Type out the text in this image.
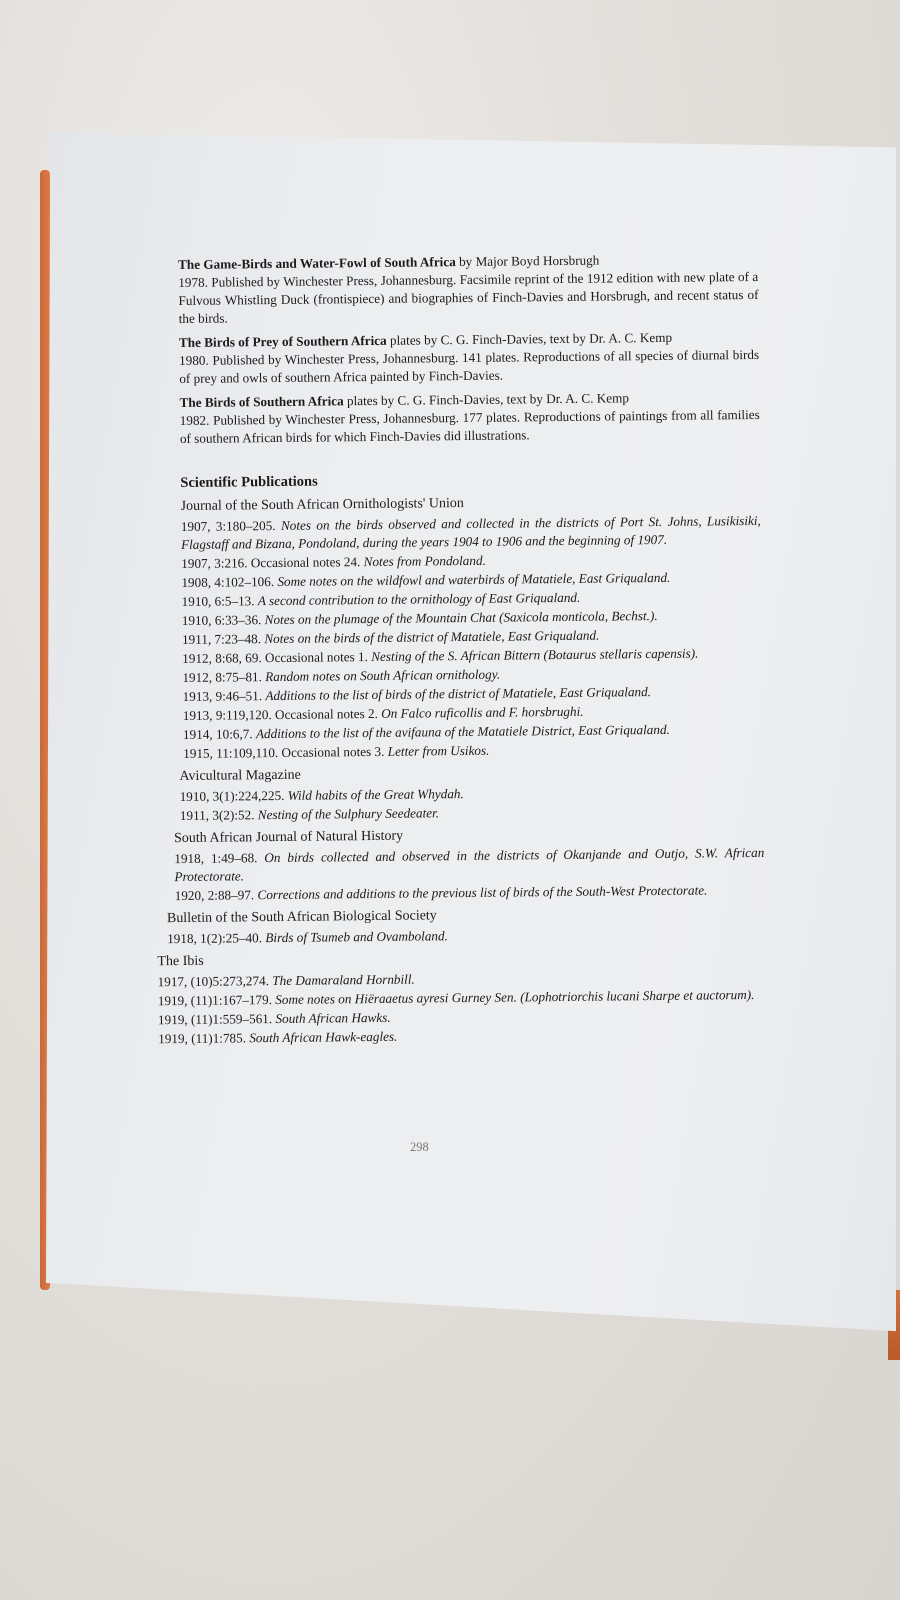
The Game-Birds and Water-Fowl of South Africa by Major Boyd Horsbrugh
1978. Published by Winchester Press, Johannesburg. Facsimile reprint of the 1912 edition with new plate of a Fulvous Whistling Duck (frontispiece) and biographies of Finch-Davies and Horsbrugh, and recent status of the birds.
The Birds of Prey of Southern Africa plates by C. G. Finch-Davies, text by Dr. A. C. Kemp
1980. Published by Winchester Press, Johannesburg. 141 plates. Reproductions of all species of diurnal birds of prey and owls of southern Africa painted by Finch-Davies.
The Birds of Southern Africa plates by C. G. Finch-Davies, text by Dr. A. C. Kemp
1982. Published by Winchester Press, Johannesburg. 177 plates. Reproductions of paintings from all families of southern African birds for which Finch-Davies did illustrations.
Scientific Publications
Journal of the South African Ornithologists' Union
1907, 3:180–205. Notes on the birds observed and collected in the districts of Port St. Johns, Lusikisiki, Flagstaff and Bizana, Pondoland, during the years 1904 to 1906 and the beginning of 1907.
1907, 3:216. Occasional notes 24. Notes from Pondoland.
1908, 4:102–106. Some notes on the wildfowl and waterbirds of Matatiele, East Griqualand.
1910, 6:5–13. A second contribution to the ornithology of East Griqualand.
1910, 6:33–36. Notes on the plumage of the Mountain Chat (Saxicola monticola, Bechst.).
1911, 7:23–48. Notes on the birds of the district of Matatiele, East Griqualand.
1912, 8:68, 69. Occasional notes 1. Nesting of the S. African Bittern (Botaurus stellaris capensis).
1912, 8:75–81. Random notes on South African ornithology.
1913, 9:46–51. Additions to the list of birds of the district of Matatiele, East Griqualand.
1913, 9:119,120. Occasional notes 2. On Falco ruficollis and F. horsbrughi.
1914, 10:6,7. Additions to the list of the avifauna of the Matatiele District, East Griqualand.
1915, 11:109,110. Occasional notes 3. Letter from Usikos.
Avicultural Magazine
1910, 3(1):224,225. Wild habits of the Great Whydah.
1911, 3(2):52. Nesting of the Sulphury Seedeater.
South African Journal of Natural History
1918, 1:49–68. On birds collected and observed in the districts of Okanjande and Outjo, S.W. African Protectorate.
1920, 2:88–97. Corrections and additions to the previous list of birds of the South-West Protectorate.
Bulletin of the South African Biological Society
1918, 1(2):25–40. Birds of Tsumeb and Ovamboland.
The Ibis
1917, (10)5:273,274. The Damaraland Hornbill.
1919, (11)1:167–179. Some notes on Hiëraaetus ayresi Gurney Sen. (Lophotriorchis lucani Sharpe et auctorum).
1919, (11)1:559–561. South African Hawks.
1919, (11)1:785. South African Hawk-eagles.
298
